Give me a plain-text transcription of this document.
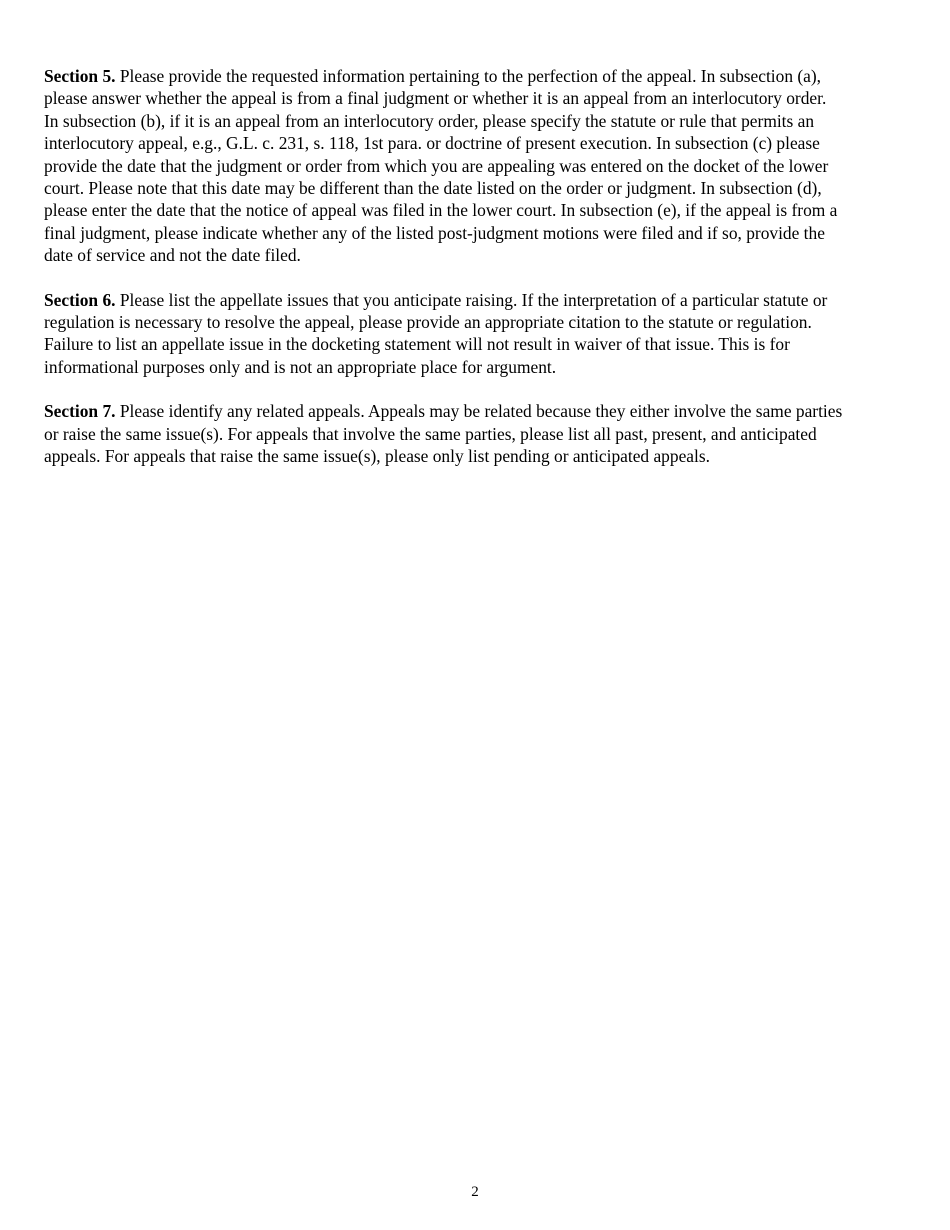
Section 5. Please provide the requested information pertaining to the perfection of the appeal. In subsection (a),
please answer whether the appeal is from a final judgment or whether it is an appeal from an interlocutory order.
In subsection (b), if it is an appeal from an interlocutory order, please specify the statute or rule that permits an
interlocutory appeal, e.g., G.L. c. 231, s. 118, 1st para. or doctrine of present execution. In subsection (c) please
provide the date that the judgment or order from which you are appealing was entered on the docket of the lower
court. Please note that this date may be different than the date listed on the order or judgment. In subsection (d),
please enter the date that the notice of appeal was filed in the lower court. In subsection (e), if the appeal is from a
final judgment, please indicate whether any of the listed post-judgment motions were filed and if so, provide the
date of service and not the date filed.

Section 6. Please list the appellate issues that you anticipate raising. If the interpretation of a particular statute or
regulation is necessary to resolve the appeal, please provide an appropriate citation to the statute or regulation.
Failure to list an appellate issue in the docketing statement will not result in waiver of that issue. This is for
informational purposes only and is not an appropriate place for argument.

Section 7. Please identify any related appeals. Appeals may be related because they either involve the same parties
or raise the same issue(s). For appeals that involve the same parties, please list all past, present, and anticipated
appeals. For appeals that raise the same issue(s), please only list pending or anticipated appeals.

2
